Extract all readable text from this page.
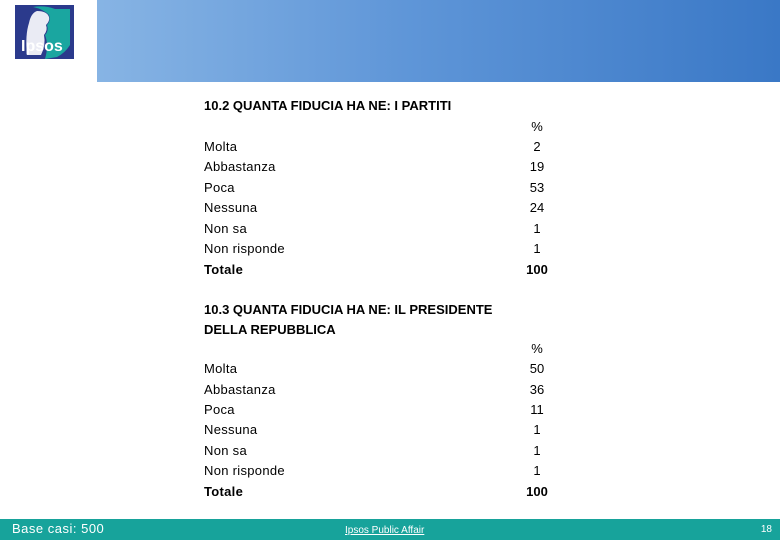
Ipsos
10.2 QUANTA FIDUCIA HA NE: I PARTITI
%
Molta	2
Abbastanza	19
Poca	53
Nessuna	24
Non sa	1
Non risponde	1
Totale	100
10.3 QUANTA FIDUCIA HA NE: IL PRESIDENTE
DELLA REPUBBLICA
%
Molta	50
Abbastanza	36
Poca	11
Nessuna	1
Non sa	1
Non risponde	1
Totale	100
Base casi: 500	Ipsos Public Affair	18
